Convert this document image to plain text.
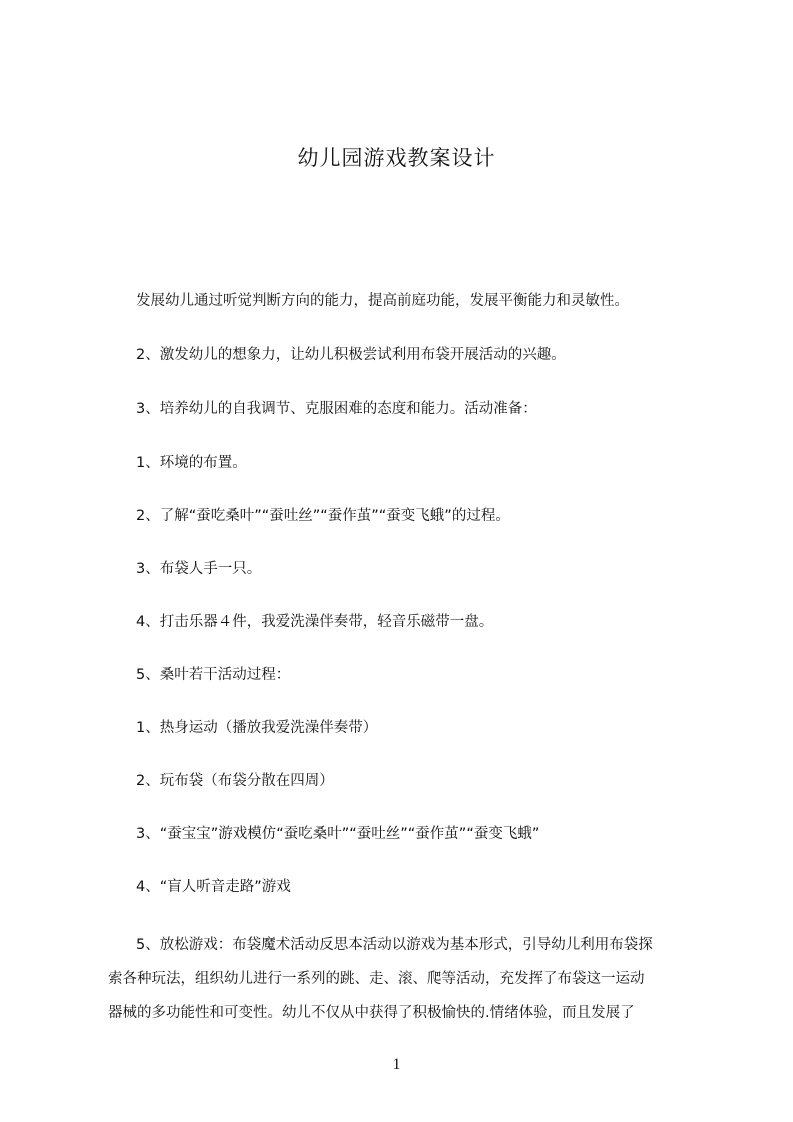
幼儿园游戏教案设计
发展幼儿通过听觉判断方向的能力，提高前庭功能，发展平衡能力和灵敏性。
2、激发幼儿的想象力，让幼儿积极尝试利用布袋开展活动的兴趣。
3、培养幼儿的自我调节、克服困难的态度和能力。活动准备：
1、环境的布置。
2、了解“蚕吃桑叶”“蚕吐丝”“蚕作茧”“蚕变飞蛾”的过程。
3、布袋人手一只。
4、打击乐器４件，我爱洗澡伴奏带，轻音乐磁带一盘。
5、桑叶若干活动过程：
1、热身运动（播放我爱洗澡伴奏带）
2、玩布袋（布袋分散在四周）
3、“蚕宝宝”游戏模仿“蚕吃桑叶”“蚕吐丝”“蚕作茧”“蚕变飞蛾”
4、“盲人听音走路”游戏
5、放松游戏：布袋魔术活动反思本活动以游戏为基本形式，引导幼儿利用布袋探
索各种玩法，组织幼儿进行一系列的跳、走、滚、爬等活动，充发挥了布袋这一运动
器械的多功能性和可变性。幼儿不仅从中获得了积极愉快的.情绪体验，而且发展了
1
